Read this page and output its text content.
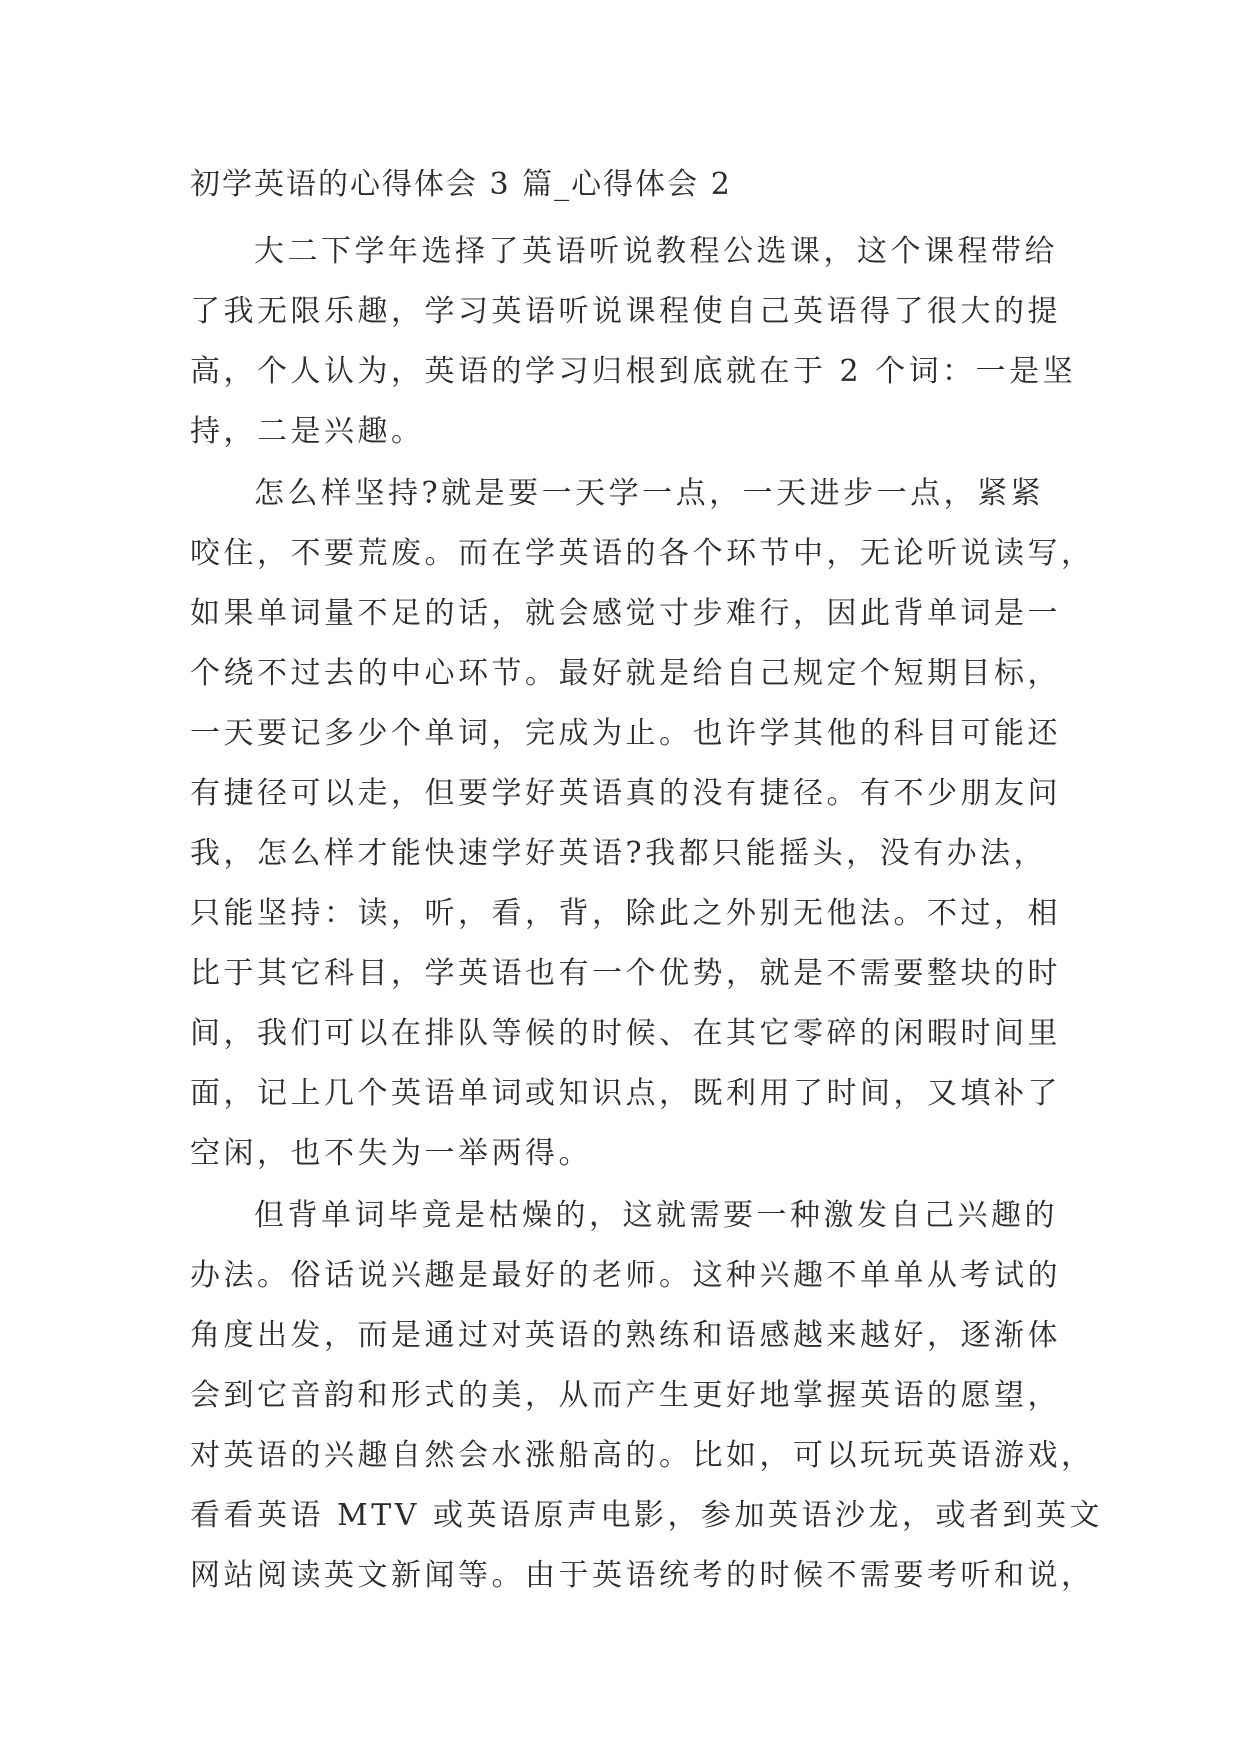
初学英语的心得体会 3 篇_心得体会 2
大二下学年选择了英语听说教程公选课，这个课程带给
了我无限乐趣，学习英语听说课程使自己英语得了很大的提
高，个人认为，英语的学习归根到底就在于 2 个词：一是坚
持，二是兴趣。
怎么样坚持?就是要一天学一点，一天进步一点，紧紧
咬住，不要荒废。而在学英语的各个环节中，无论听说读写，
如果单词量不足的话，就会感觉寸步难行，因此背单词是一
个绕不过去的中心环节。最好就是给自己规定个短期目标，
一天要记多少个单词，完成为止。也许学其他的科目可能还
有捷径可以走，但要学好英语真的没有捷径。有不少朋友问
我，怎么样才能快速学好英语?我都只能摇头，没有办法，
只能坚持：读，听，看，背，除此之外别无他法。不过，相
比于其它科目，学英语也有一个优势，就是不需要整块的时
间，我们可以在排队等候的时候、在其它零碎的闲暇时间里
面，记上几个英语单词或知识点，既利用了时间，又填补了
空闲，也不失为一举两得。
但背单词毕竟是枯燥的，这就需要一种激发自己兴趣的
办法。俗话说兴趣是最好的老师。这种兴趣不单单从考试的
角度出发，而是通过对英语的熟练和语感越来越好，逐渐体
会到它音韵和形式的美，从而产生更好地掌握英语的愿望，
对英语的兴趣自然会水涨船高的。比如，可以玩玩英语游戏，
看看英语 MTV 或英语原声电影，参加英语沙龙，或者到英文
网站阅读英文新闻等。由于英语统考的时候不需要考听和说，
